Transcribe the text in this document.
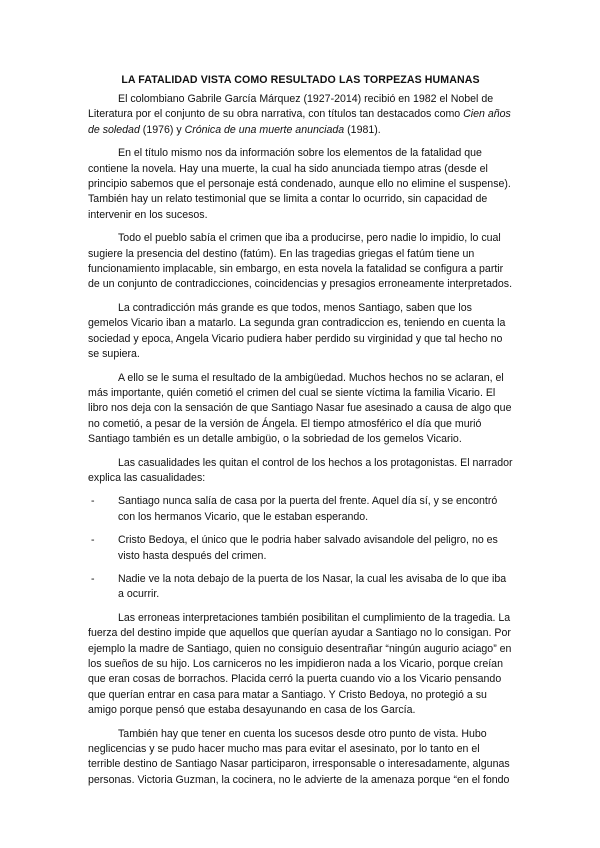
LA FATALIDAD VISTA COMO RESULTADO LAS TORPEZAS HUMANAS

El colombiano Gabrile García Márquez (1927-2014) recibió en 1982 el Nobel de Literatura por el conjunto de su obra narrativa, con títulos tan destacados como Cien años de soledad (1976) y Crónica de una muerte anunciada (1981).

En el título mismo nos da información sobre los elementos de la fatalidad que contiene la novela. Hay una muerte, la cual ha sido anunciada tiempo atras (desde el principio sabemos que el personaje está condenado, aunque ello no elimine el suspense). También hay un relato testimonial que se limita a contar lo ocurrido, sin capacidad de intervenir en los sucesos.

Todo el pueblo sabía el crimen que iba a producirse, pero nadie lo impidio, lo cual sugiere la presencia del destino (fatúm). En las tragedias griegas el fatúm tiene un funcionamiento implacable, sin embargo, en esta novela la fatalidad se configura a partir de un conjunto de contradicciones, coincidencias y presagios erroneamente interpretados.

La contradicción más grande es que todos, menos Santiago, saben que los gemelos Vicario iban a matarlo. La segunda gran contradiccion es, teniendo en cuenta la sociedad y epoca, Angela Vicario pudiera haber perdido su virginidad y que tal hecho no se supiera.

A ello se le suma el resultado de la ambigüedad. Muchos hechos no se aclaran, el más importante, quién cometió el crimen del cual se siente víctima la familia Vicario. El libro nos deja con la sensación de que Santiago Nasar fue asesinado a causa de algo que no cometió, a pesar de la versión de Ángela. El tiempo atmosférico el día que murió Santiago también es un detalle ambigüo, o la sobriedad de los gemelos Vicario.

Las casualidades les quitan el control de los hechos a los protagonistas. El narrador explica las casualidades:

- Santiago nunca salía de casa por la puerta del frente. Aquel día sí, y se encontró con los hermanos Vicario, que le estaban esperando.
- Cristo Bedoya, el único que le podria haber salvado avisandole del peligro, no es visto hasta después del crimen.
- Nadie ve la nota debajo de la puerta de los Nasar, la cual les avisaba de lo que iba a ocurrir.

Las erroneas interpretaciones también posibilitan el cumplimiento de la tragedia. La fuerza del destino impide que aquellos que querían ayudar a Santiago no lo consigan. Por ejemplo la madre de Santiago, quien no consiguio desentrañar “ningún augurio aciago” en los sueños de su hijo. Los carniceros no les impidieron nada a los Vicario, porque creían que eran cosas de borrachos. Placida cerró la puerta cuando vio a los Vicario pensando que querían entrar en casa para matar a Santiago. Y Cristo Bedoya, no protegió a su amigo porque pensó que estaba desayunando en casa de los García.

También hay que tener en cuenta los sucesos desde otro punto de vista. Hubo neglicencias y se pudo hacer mucho mas para evitar el asesinato, por lo tanto en el terrible destino de Santiago Nasar participaron, irresponsable o interesadamente, algunas personas. Victoria Guzman, la cocinera, no le advierte de la amenaza porque “en el fondo
